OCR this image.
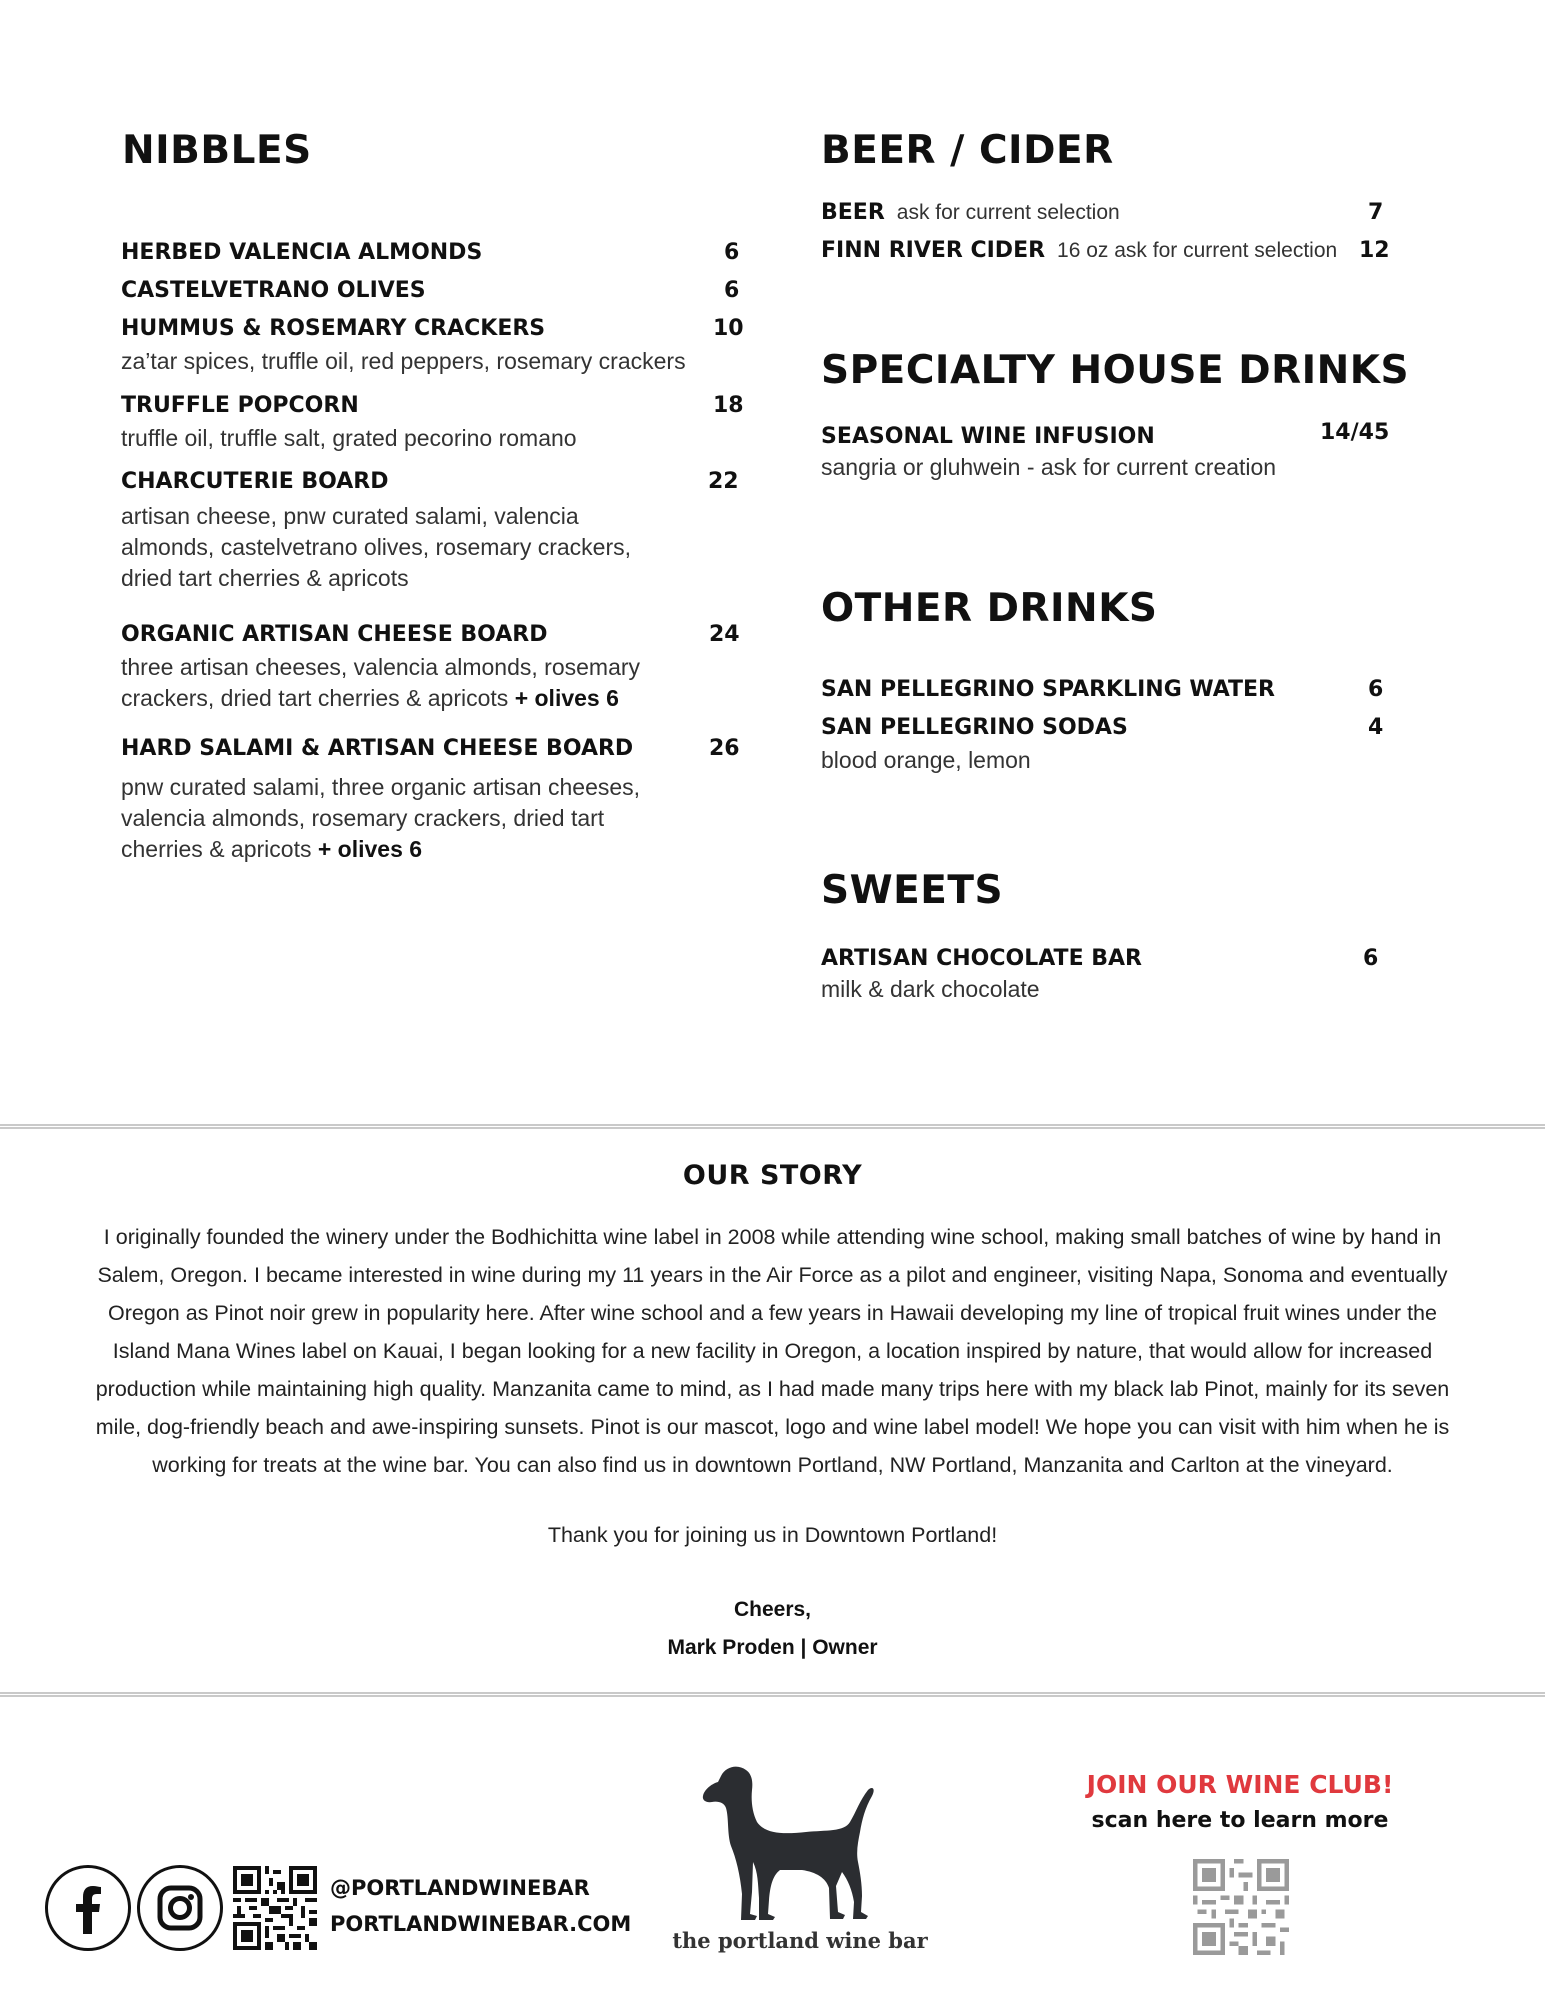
NIBBLES
HERBED VALENCIA ALMONDS	6
CASTELVETRANO OLIVES	6
HUMMUS & ROSEMARY CRACKERS	10
za’tar spices, truffle oil, red peppers, rosemary crackers
TRUFFLE POPCORN	18
truffle oil, truffle salt, grated pecorino romano
CHARCUTERIE BOARD	22
artisan cheese, pnw curated salami, valencia
almonds, castelvetrano olives, rosemary crackers,
dried tart cherries & apricots
ORGANIC ARTISAN CHEESE BOARD	24
three artisan cheeses, valencia almonds, rosemary
crackers, dried tart cherries & apricots + olives 6
HARD SALAMI & ARTISAN CHEESE BOARD	26
pnw curated salami, three organic artisan cheeses,
valencia almonds, rosemary crackers, dried tart
cherries & apricots + olives 6
BEER / CIDER
BEER ask for current selection	7
FINN RIVER CIDER 16 oz ask for current selection 12
SPECIALTY HOUSE DRINKS
SEASONAL WINE INFUSION	14/45
sangria or gluhwein - ask for current creation
OTHER DRINKS
SAN PELLEGRINO SPARKLING WATER	6
SAN PELLEGRINO SODAS	4
blood orange, lemon
SWEETS
ARTISAN CHOCOLATE BAR	6
milk & dark chocolate
OUR STORY
I originally founded the winery under the Bodhichitta wine label in 2008 while attending wine school, making small batches of wine by hand in
Salem, Oregon. I became interested in wine during my 11 years in the Air Force as a pilot and engineer, visiting Napa, Sonoma and eventually
Oregon as Pinot noir grew in popularity here. After wine school and a few years in Hawaii developing my line of tropical fruit wines under the
Island Mana Wines label on Kauai, I began looking for a new facility in Oregon, a location inspired by nature, that would allow for increased
production while maintaining high quality. Manzanita came to mind, as I had made many trips here with my black lab Pinot, mainly for its seven
mile, dog-friendly beach and awe-inspiring sunsets. Pinot is our mascot, logo and wine label model! We hope you can visit with him when he is
working for treats at the wine bar. You can also find us in downtown Portland, NW Portland, Manzanita and Carlton at the vineyard.
Thank you for joining us in Downtown Portland!
Cheers,
Mark Proden | Owner
@PORTLANDWINEBAR
PORTLANDWINEBAR.COM
the portland wine bar
JOIN OUR WINE CLUB!
scan here to learn more
